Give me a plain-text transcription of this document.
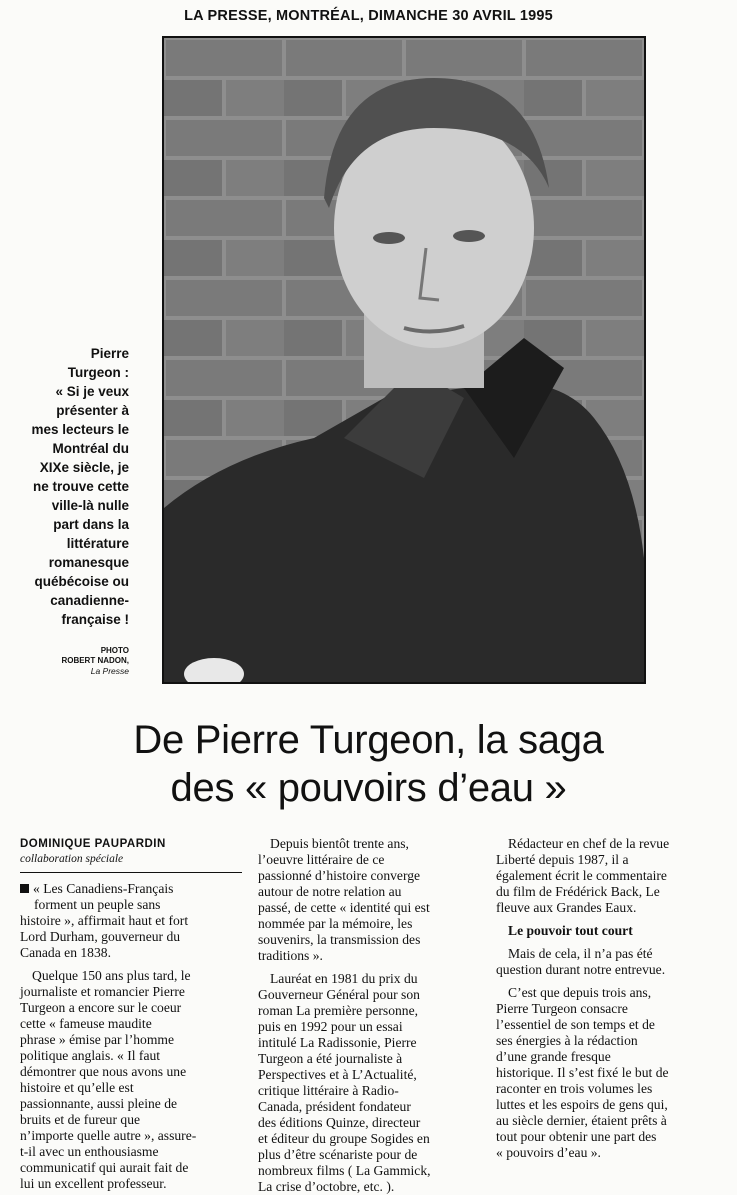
LA PRESSE, MONTRÉAL, DIMANCHE 30 AVRIL 1995
Pierre
Turgeon :
« Si je veux
présenter à
mes lecteurs le
Montréal du
XIXe siècle, je
ne trouve cette
ville-là nulle
part dans la
littérature
romanesque
québécoise ou
canadienne-
française !
PHOTO
ROBERT NADON,
La Presse
De Pierre Turgeon, la saga
des « pouvoirs d’eau »
DOMINIQUE PAUPARDIN
collaboration spéciale
« Les Canadiens-Français
forment un peuple sans
histoire », affirmait haut et fort
Lord Durham, gouverneur du
Canada en 1838.
Quelque 150 ans plus tard, le
journaliste et romancier Pierre
Turgeon a encore sur le coeur
cette « fameuse maudite
phrase » émise par l’homme
politique anglais. « Il faut
démontrer que nous avons une
histoire et qu’elle est
passionnante, aussi pleine de
bruits et de fureur que
n’importe quelle autre », assure-
t-il avec un enthousiasme
communicatif qui aurait fait de
lui un excellent professeur.
Depuis bientôt trente ans,
l’oeuvre littéraire de ce
passionné d’histoire converge
autour de notre relation au
passé, de cette « identité qui est
nommée par la mémoire, les
souvenirs, la transmission des
traditions ».
Lauréat en 1981 du prix du
Gouverneur Général pour son
roman La première personne,
puis en 1992 pour un essai
intitulé La Radissonie, Pierre
Turgeon a été journaliste à
Perspectives et à L’Actualité,
critique littéraire à Radio-
Canada, président fondateur
des éditions Quinze, directeur
et éditeur du groupe Sogides en
plus d’être scénariste pour de
nombreux films ( La Gammick,
La crise d’octobre, etc. ).
Rédacteur en chef de la revue
Liberté depuis 1987, il a
également écrit le commentaire
du film de Frédérick Back, Le
fleuve aux Grandes Eaux.
Le pouvoir tout court
Mais de cela, il n’a pas été
question durant notre entrevue.
C’est que depuis trois ans,
Pierre Turgeon consacre
l’essentiel de son temps et de
ses énergies à la rédaction
d’une grande fresque
historique. Il s’est fixé le but de
raconter en trois volumes les
luttes et les espoirs de gens qui,
au siècle dernier, étaient prêts à
tout pour obtenir une part des
« pouvoirs d’eau ».
